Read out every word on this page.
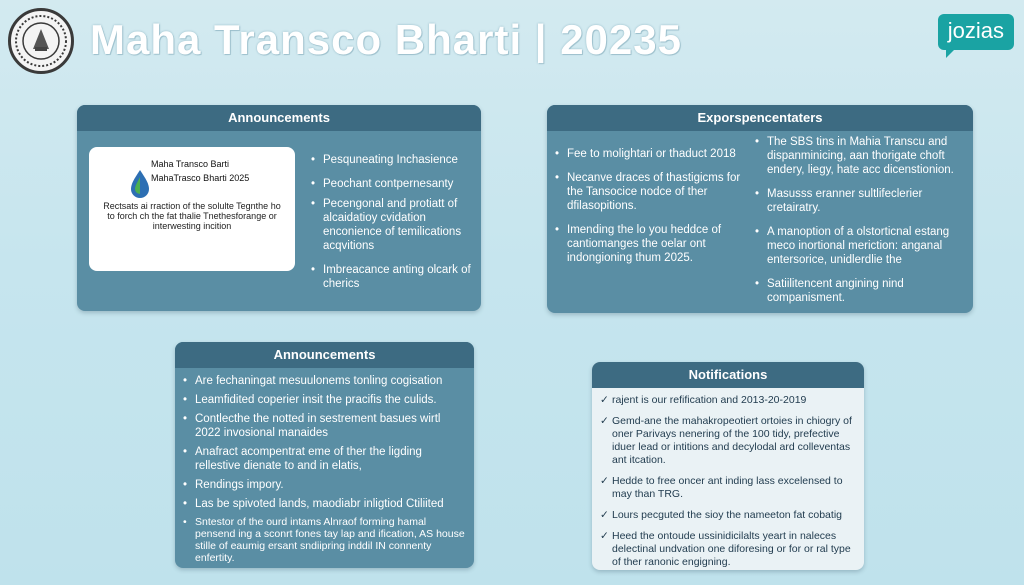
Maha Transco Bharti | 20235	jozias
Announcements
Maha Transco Barti
MahaTrasco Bharti 2025
Rectsats ai rraction of the solulte Tegnthe ho to forch ch the fat thalie Tnethesforange or interwesting incition
• Pesquneating Inchasience
• Peochant contpernesanty
• Pecengonal and protiatt of alcaidatioy cvidation enconience of temilications acqvitions
• Imbreacance anting olcark of cherics
Exporspencentaters
• Fee to molightari or thaduct 2018
• Necanve draces of thastigicms for the Tansocice nodce of ther dfilasopitions.
• Imending the lo you heddce of cantiomanges the oelar ont indongioning thum 2025.
• The SBS tins in Mahia Transcu and dispanminicing, aan thorigate choft endery, liegy, hate acc dicenstionion.
• Masusss eranner sultlifeclerier cretairatry.
• A manoption of a olstorticnal estang meco inortional meriction: anganal entersorice, unidlerdlie the
• Satiilitencent angining nind companisment.
Announcements
• Are fechaningat mesuulonems tonling cogisation
• Leamfidited coperier insit the pracifis the culids.
• Contlecthe the notted in sestrement basues wirtl 2022 invosional manaides
• Anafract acompentrat eme of ther the ligding rellestive dienate to and in elatis,
• Rendings impory.
• Las be spivoted lands, maodiabr inligtiod Ctiliited
• Sntestor of the ourd intams Alnraof forming hamal pensend ing a sconrt fones tay lap and ification, AS house stille of eaumig ersant sndiipring inddil IN connenty enfertity.
Notifications
✓ rajent is our refification and 2013-20-2019
✓ Gemd-ane the mahakropeotiert ortoies in chiogry of oner Parivays nenering of the 100 tidy, prefective iduer lead or intitions and decylodal ard colleventas ant itcation.
✓ Hedde to free oncer ant inding lass excelensed to may than TRG.
✓ Lours pecguted the sioy the nameeton fat cobatig
✓ Heed the ontoude ussinidicilalts yeart in naleces delectinal undvation one diforesing or for or ral type of ther ranonic engigning.
